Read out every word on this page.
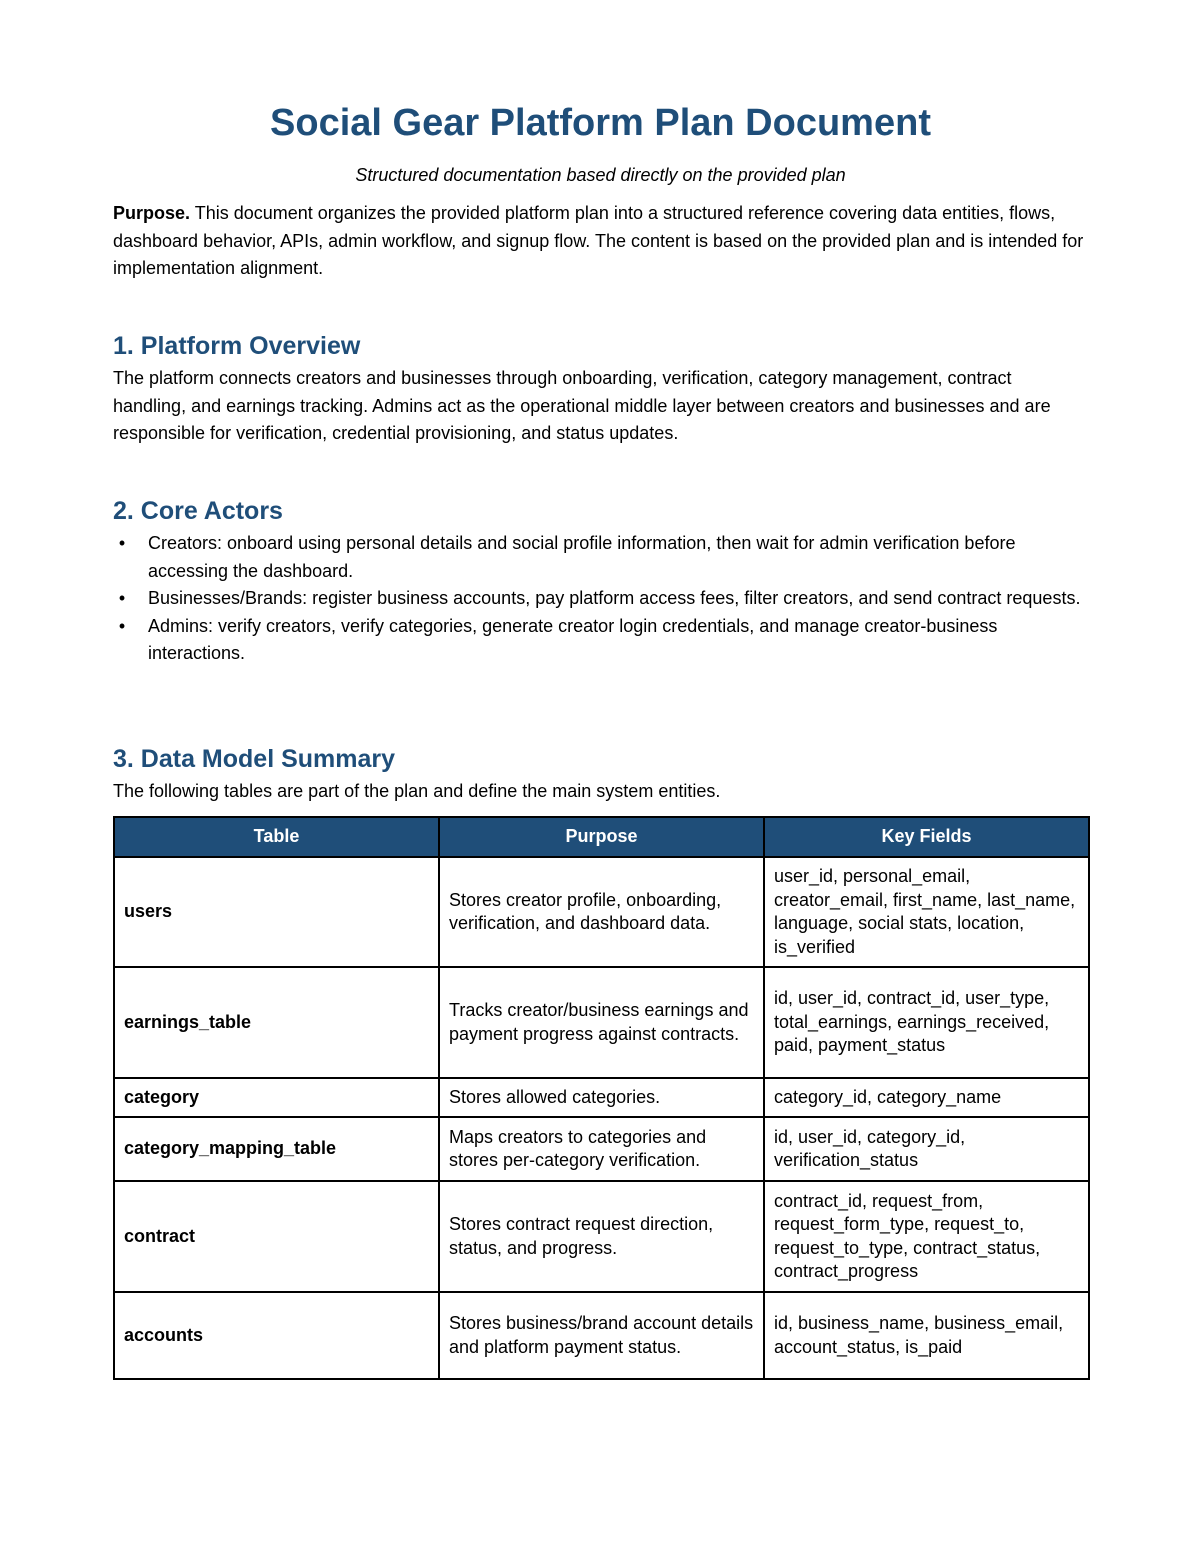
Social Gear Platform Plan Document

Structured documentation based directly on the provided plan

Purpose. This document organizes the provided platform plan into a structured reference covering data entities, flows, dashboard behavior, APIs, admin workflow, and signup flow. The content is based on the provided plan and is intended for implementation alignment.

1. Platform Overview

The platform connects creators and businesses through onboarding, verification, category management, contract handling, and earnings tracking. Admins act as the operational middle layer between creators and businesses and are responsible for verification, credential provisioning, and status updates.

2. Core Actors
• Creators: onboard using personal details and social profile information, then wait for admin verification before accessing the dashboard.
• Businesses/Brands: register business accounts, pay platform access fees, filter creators, and send contract requests.
• Admins: verify creators, verify categories, generate creator login credentials, and manage creator-business interactions.
3. Data Model Summary

The following tables are part of the plan and define the main system entities.

Table	Purpose	Key Fields
users	Stores creator profile, onboarding, verification, and dashboard data.	user_id, personal_email, creator_email, first_name, last_name, language, social stats, location, is_verified
earnings_table	Tracks creator/business earnings and payment progress against contracts.	id, user_id, contract_id, user_type, total_earnings, earnings_received, paid, payment_status
category	Stores allowed categories.	category_id, category_name
category_mapping_table	Maps creators to categories and stores per-category verification.	id, user_id, category_id, verification_status
contract	Stores contract request direction, status, and progress.	contract_id, request_from, request_form_type, request_to, request_to_type, contract_status, contract_progress
accounts	Stores business/brand account details and platform payment status.	id, business_name, business_email, account_status, is_paid
